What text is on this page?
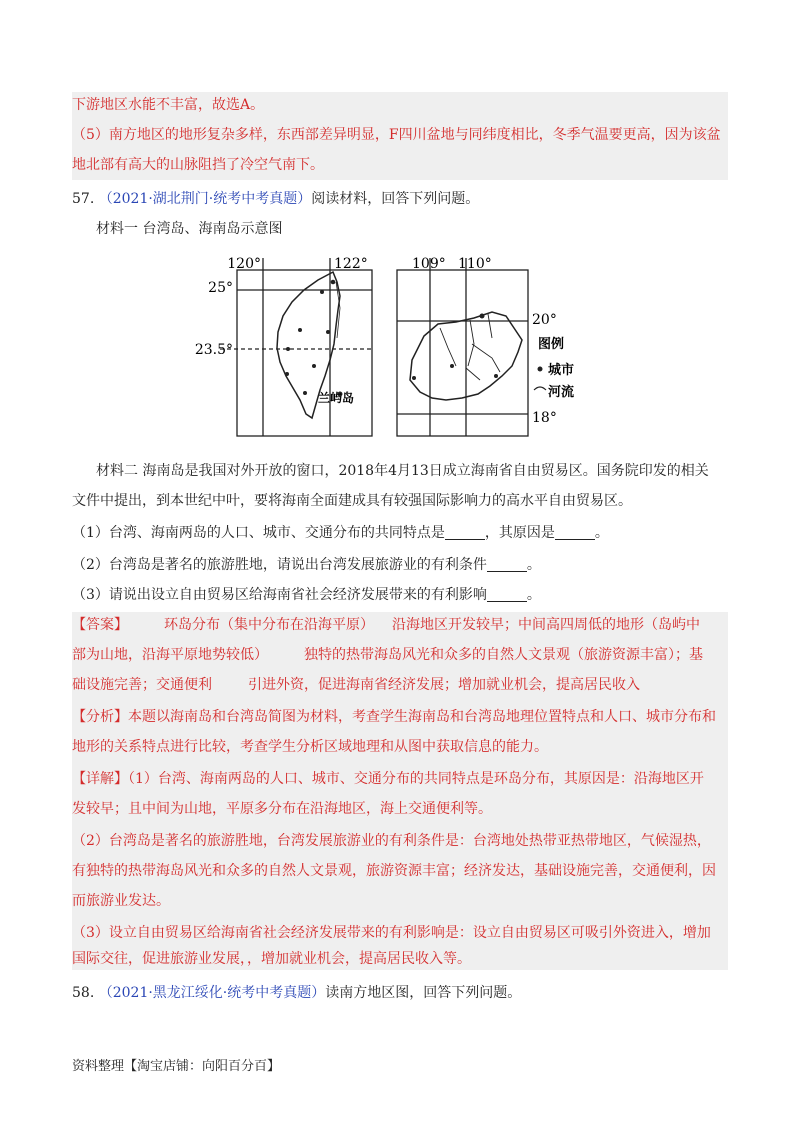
下游地区水能不丰富，故选A。
（5）南方地区的地形复杂多样，东西部差异明显，F四川盆地与同纬度相比，冬季气温要更高，因为该盆
地北部有高大的山脉阻挡了冷空气南下。
57. （2021·湖北荆门·统考中考真题）阅读材料，回答下列问题。
材料一 台湾岛、海南岛示意图
120°	122°
25°
23.5°
兰屿岛
109° 110°
20°
18°
图例
城市
河流
材料二 海南岛是我国对外开放的窗口，2018年4月13日成立海南省自由贸易区。国务院印发的相关
文件中提出，到本世纪中叶，要将海南全面建成具有较强国际影响力的高水平自由贸易区。
（1）台湾、海南两岛的人口、城市、交通分布的共同特点是	，其原因是	。
（2）台湾岛是著名的旅游胜地，请说出台湾发展旅游业的有利条件	。
（3）请说出设立自由贸易区给海南省社会经济发展带来的有利影响	。
【答案】	环岛分布（集中分布在沿海平原） 沿海地区开发较早；中间高四周低的地形（岛屿中
部为山地，沿海平原地势较低）	独特的热带海岛风光和众多的自然人文景观（旅游资源丰富）；基
础设施完善；交通便利	引进外资，促进海南省经济发展；增加就业机会，提高居民收入
【分析】本题以海南岛和台湾岛简图为材料，考查学生海南岛和台湾岛地理位置特点和人口、城市分布和
地形的关系特点进行比较，考查学生分析区域地理和从图中获取信息的能力。
【详解】（1）台湾、海南两岛的人口、城市、交通分布的共同特点是环岛分布，其原因是：沿海地区开
发较早；且中间为山地，平原多分布在沿海地区，海上交通便利等。
（2）台湾岛是著名的旅游胜地，台湾发展旅游业的有利条件是：台湾地处热带亚热带地区，气候湿热，
有独特的热带海岛风光和众多的自然人文景观，旅游资源丰富；经济发达，基础设施完善，交通便利，因
而旅游业发达。
（3）设立自由贸易区给海南省社会经济发展带来的有利影响是：设立自由贸易区可吸引外资进入，增加
国际交往，促进旅游业发展，，增加就业机会，提高居民收入等。
58. （2021·黑龙江绥化·统考中考真题）读南方地区图，回答下列问题。
资料整理【淘宝店铺：向阳百分百】
